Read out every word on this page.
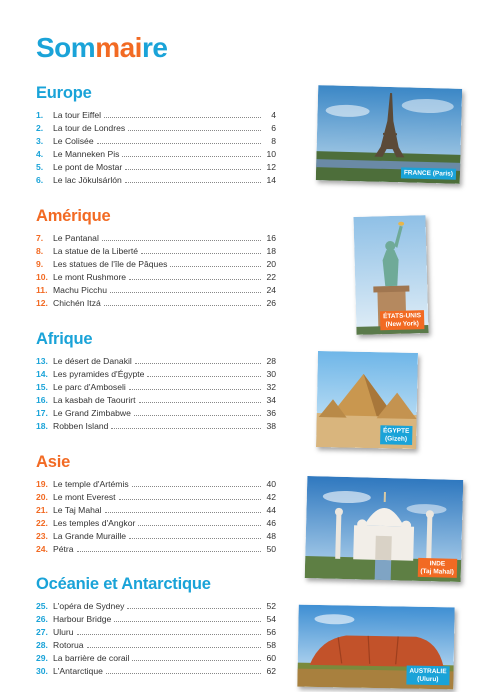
Sommaire
Europe
1.	La tour Eiffel	4
2.	La tour de Londres	6
3.	Le Colisée	8
4.	Le Manneken Pis	10
5.	Le pont de Mostar	12
6.	Le lac Jökulsárlón	14
Amérique
7.	Le Pantanal	16
8.	La statue de la Liberté	18
9.	Les statues de l'île de Pâques	20
10. Le mont Rushmore	22
11. Machu Picchu	24
12. Chichén Itzá	26
Afrique
13. Le désert de Danakil	28
14. Les pyramides d'Égypte	30
15. Le parc d'Amboseli	32
16. La kasbah de Taourirt	34
17. Le Grand Zimbabwe	36
18. Robben Island	38
Asie
19. Le temple d'Artémis	40
20. Le mont Everest	42
21. Le Taj Mahal	44
22. Les temples d'Angkor	46
23. La Grande Muraille	48
24. Pétra	50
Océanie et Antarctique
25. L'opéra de Sydney	52
26. Harbour Bridge	54
27. Uluru	56
28. Rotorua	58
29. La barrière de corail	60
30. L'Antarctique	62
FRANCE (Paris)
ÉTATS-UNIS
(New York)
ÉGYPTE
(Gizeh)
INDE
(Taj Mahal)
AUSTRALIE
(Uluru)
